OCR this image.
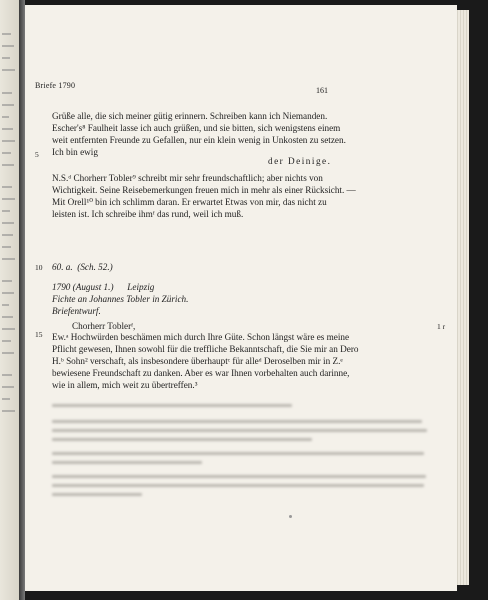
Briefe 1790
161
Grüße alle, die sich meiner gütig erinnern. Schreiben kann ich Niemanden.
Escher's⁸ Faulheit lasse ich auch grüßen, und sie bitten, sich wenigstens einem
weit entfernten Freunde zu Gefallen, nur ein klein wenig in Unkosten zu setzen.
Ich bin ewig
5
der Deinige.
N.S.ᵈ Chorherr Tobler⁹ schreibt mir sehr freundschaftlich; aber nichts von
Wichtigkeit. Seine Reisebemerkungen freuen mich in mehr als einer Rücksicht. —
Mit Orell¹⁰ bin ich schlimm daran. Er erwartet Etwas von mir, das nicht zu
leisten ist. Ich schreibe ihmᶠ das rund, weil ich muß.
10 60. a. (Sch. 52.)
1790 (August 1.) Leipzig
Fichte an Johannes Tobler in Zürich.
Briefentwurf.
Chorherr Toblerᶠ,	1 r
15 Ew.ᵃ Hochwürden beschämen mich durch Ihre Güte. Schon längst wäre es meine
Pflicht gewesen, Ihnen sowohl für die treffliche Bekanntschaft, die Sie mir an Dero
H.ᵇ Sohn² verschaft, als insbesondere überhauptᶜ für alleᵈ Deroselben mir in Z.ᵉ
bewiesene Freundschaft zu danken. Aber es war Ihnen vorbehalten auch darinne,
wie in allem, mich weit zu übertreffen.³
